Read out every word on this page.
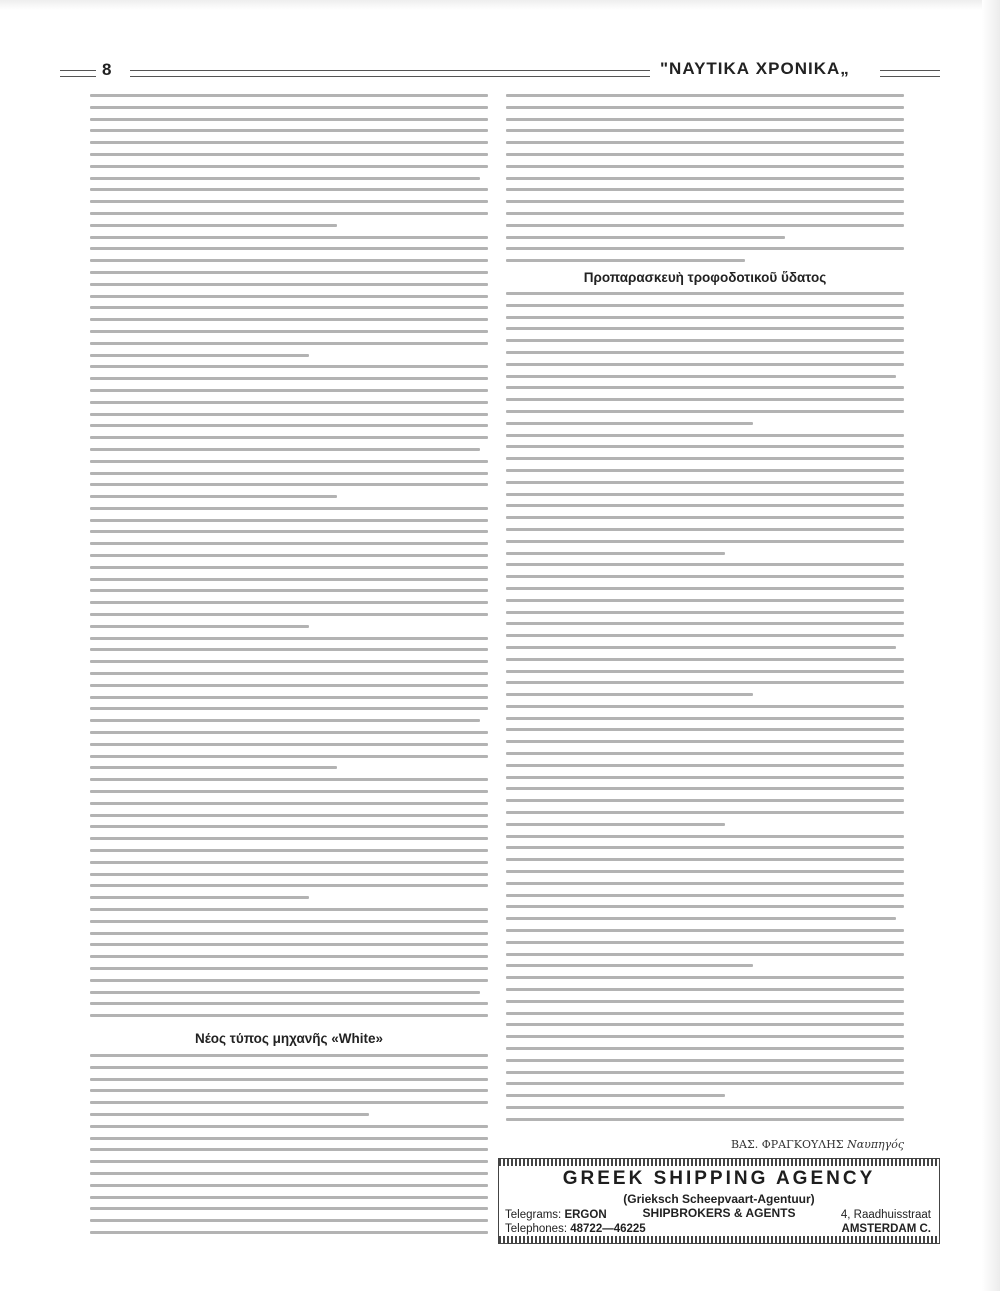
8	"ΝΑΥΤΙΚΑ ΧΡΟΝΙΚΑ„
Νέος τύπος μηχανῆς «White»
Προπαρασκευὴ τροφοδοτικοῦ ὕδατος
ΒΑΣ. ΦΡΑΓΚΟΥΛΗΣ Ναυπηγός
GREEK SHIPPING AGENCY
(Grieksch Scheepvaart-Agentuur)
SHIPBROKERS & AGENTS
Telegrams: ERGON
Telephones: 48722—46225
4, Raadhuisstraat
AMSTERDAM C.
